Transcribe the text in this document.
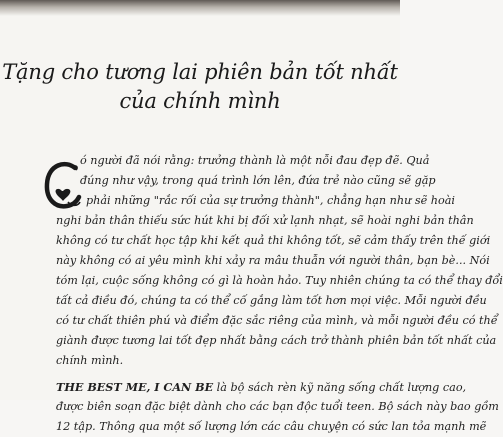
Tặng cho tương lai phiên bản tốt nhất
của chính mình
ó người đã nói rằng: trưởng thành là một nỗi đau đẹp đẽ. Quả
đúng như vậy, trong quá trình lớn lên, đứa trẻ nào cũng sẽ gặp
phải những "rắc rối của sự trưởng thành", chẳng hạn như sẽ hoài
nghi bản thân thiếu sức hút khi bị đối xử lạnh nhạt, sẽ hoài nghi bản thân
không có tư chất học tập khi kết quả thi không tốt, sẽ cảm thấy trên thế giới
này không có ai yêu mình khi xảy ra mâu thuẫn với người thân, bạn bè... Nói
tóm lại, cuộc sống không có gì là hoàn hảo. Tuy nhiên chúng ta có thể thay đổi
tất cả điều đó, chúng ta có thể cố gắng làm tốt hơn mọi việc. Mỗi người đều
có tư chất thiên phú và điểm đặc sắc riêng của mình, và mỗi người đều có thể
giành được tương lai tốt đẹp nhất bằng cách trở thành phiên bản tốt nhất của
chính mình.
THE BEST ME, I CAN BE là bộ sách rèn kỹ năng sống chất lượng cao,
được biên soạn đặc biệt dành cho các bạn độc tuổi teen. Bộ sách này bao gồm
12 tập. Thông qua một số lượng lớn các câu chuyện có sức lan tỏa mạnh mẽ
